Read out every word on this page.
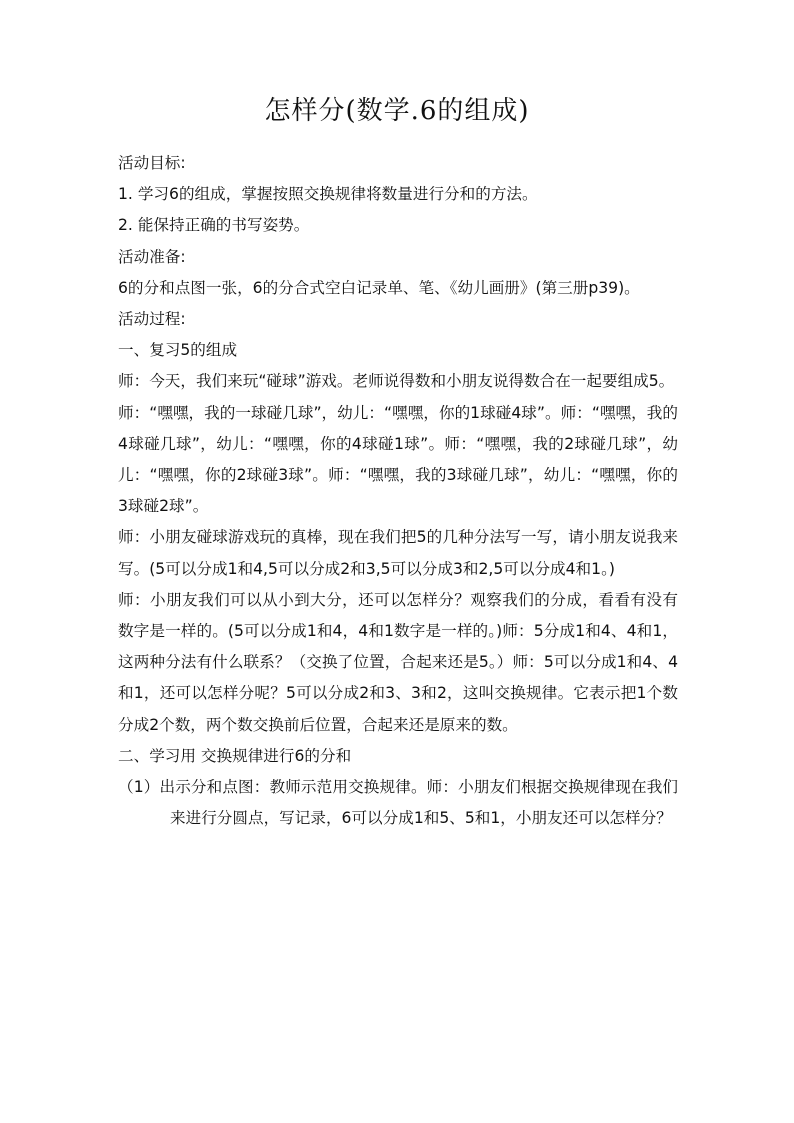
怎样分(数学.6的组成)

活动目标:

1. 学习6的组成，掌握按照交换规律将数量进行分和的方法。

2. 能保持正确的书写姿势。

活动准备:

6的分和点图一张，6的分合式空白记录单、笔、《幼儿画册》(第三册p39)。

活动过程:

一、复习5的组成

师：今天，我们来玩“碰球”游戏。老师说得数和小朋友说得数合在一起要组成5。

师：“嘿嘿，我的一球碰几球”，幼儿：“嘿嘿，你的1球碰4球”。师：“嘿嘿，我的4球碰几球”，幼儿：“嘿嘿，你的4球碰1球”。师：“嘿嘿，我的2球碰几球”，幼儿：“嘿嘿，你的2球碰3球”。师：“嘿嘿，我的3球碰几球”，幼儿：“嘿嘿，你的3球碰2球”。

师：小朋友碰球游戏玩的真棒，现在我们把5的几种分法写一写，请小朋友说我来写。(5可以分成1和4,5可以分成2和3,5可以分成3和2,5可以分成4和1。)

师：小朋友我们可以从小到大分，还可以怎样分？观察我们的分成，看看有没有数字是一样的。(5可以分成1和4，4和1数字是一样的。)师：5分成1和4、4和1，这两种分法有什么联系？（交换了位置，合起来还是5。）师：5可以分成1和4、4和1，还可以怎样分呢？5可以分成2和3、3和2，这叫交换规律。它表示把1个数分成2个数，两个数交换前后位置，合起来还是原来的数。

二、学习用 交换规律进行6的分和

（1）出示分和点图：教师示范用交换规律。师：小朋友们根据交换规律现在我们来进行分圆点，写记录，6可以分成1和5、5和1，小朋友还可以怎样分？
